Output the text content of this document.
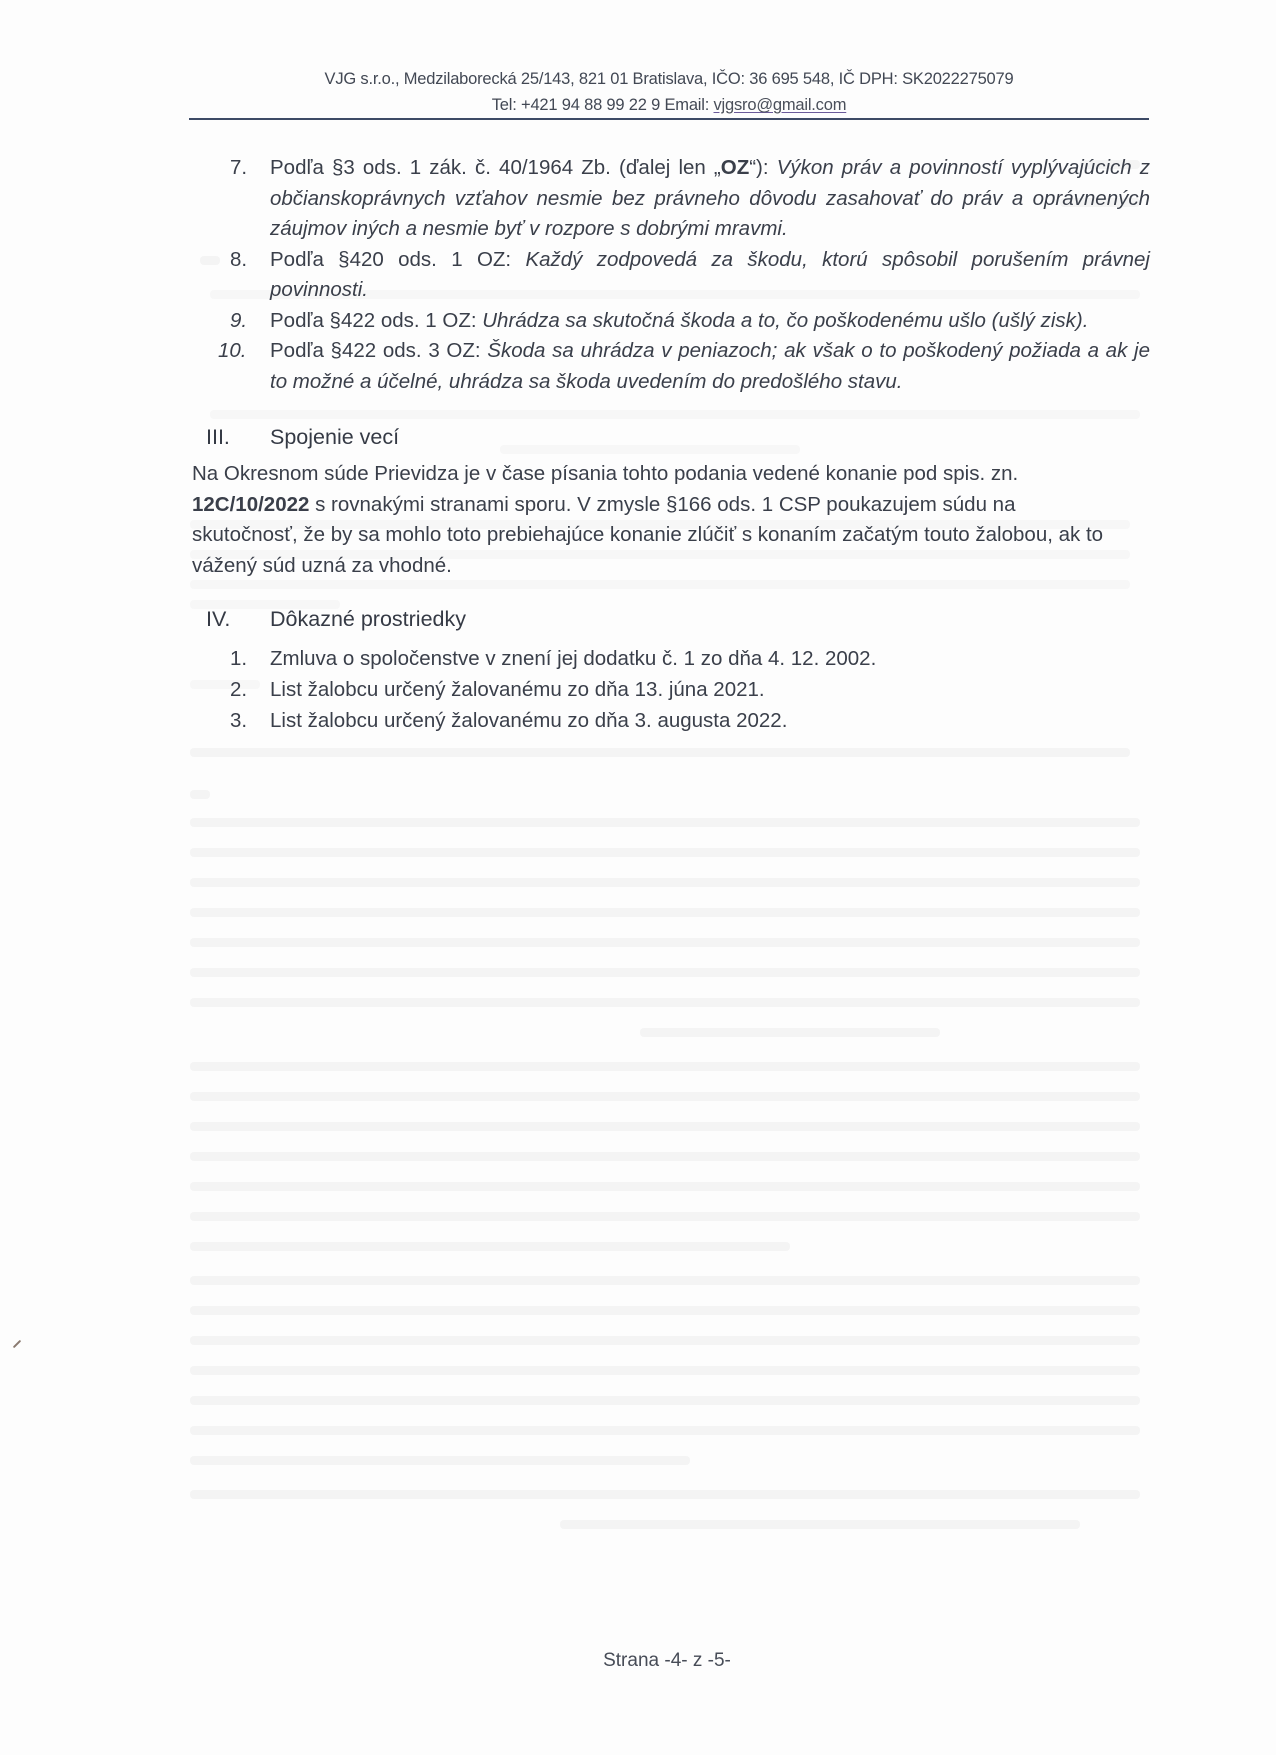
VJG s.r.o., Medzilaborecká 25/143, 821 01 Bratislava, IČO: 36 695 548, IČ DPH: SK2022275079
Tel: +421 94 88 99 22 9 Email: vjgsro@gmail.com
7. Podľa §3 ods. 1 zák. č. 40/1964 Zb. (ďalej len „OZ“): Výkon práv a povinností vyplývajúcich z občianskoprávnych vzťahov nesmie bez právneho dôvodu zasahovať do práv a oprávnených záujmov iných a nesmie byť v rozpore s dobrými mravmi.
8. Podľa §420 ods. 1 OZ: Každý zodpovedá za škodu, ktorú spôsobil porušením právnej povinnosti.
9. Podľa §422 ods. 1 OZ: Uhrádza sa skutočná škoda a to, čo poškodenému ušlo (ušlý zisk).
10. Podľa §422 ods. 3 OZ: Škoda sa uhrádza v peniazoch; ak však o to poškodený požiada a ak je to možné a účelné, uhrádza sa škoda uvedením do predošlého stavu.
III. Spojenie vecí
Na Okresnom súde Prievidza je v čase písania tohto podania vedené konanie pod spis. zn. 12C/10/2022 s rovnakými stranami sporu. V zmysle §166 ods. 1 CSP poukazujem súdu na skutočnosť, že by sa mohlo toto prebiehajúce konanie zlúčiť s konaním začatým touto žalobou, ak to vážený súd uzná za vhodné.
IV. Dôkazné prostriedky
1. Zmluva o spoločenstve v znení jej dodatku č. 1 zo dňa 4. 12. 2002.
2. List žalobcu určený žalovanému zo dňa 13. júna 2021.
3. List žalobcu určený žalovanému zo dňa 3. augusta 2022.
Strana -4- z -5-
